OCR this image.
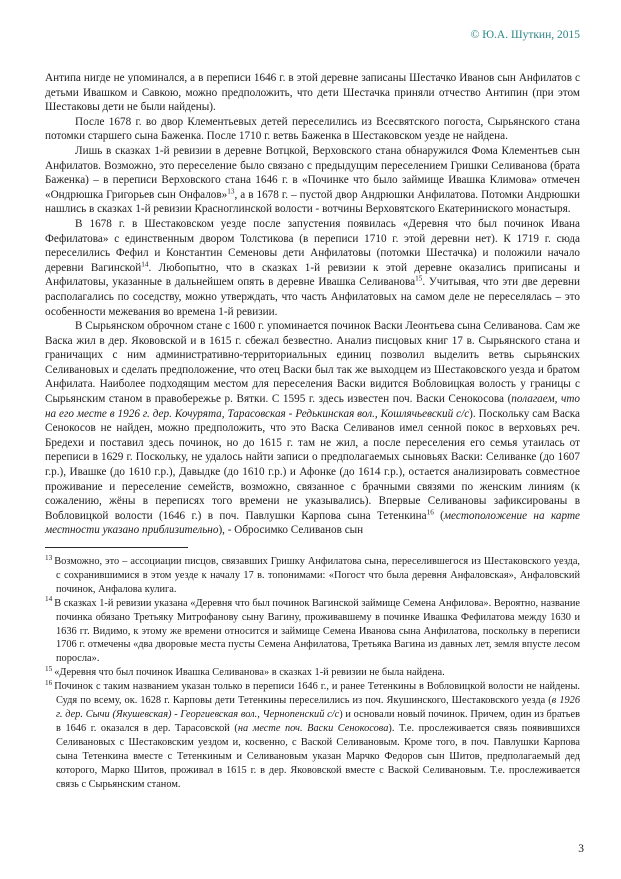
© Ю.А. Шуткин, 2015

Антипа нигде не упоминался, а в переписи 1646 г. в этой деревне записаны Шестачко Иванов сын Анфилатов с детьми Ивашком и Савкою, можно предположить, что дети Шестачка приняли отчество Антипин (при этом Шестаковы дети не были найдены).

После 1678 г. во двор Клементьевых детей переселились из Всесвятского погоста, Сырьянского стана потомки старшего сына Баженка. После 1710 г. ветвь Баженка в Шестаковском уезде не найдена.

Лишь в сказках 1-й ревизии в деревне Вотцкой, Верховского стана обнаружился Фома Клементьев сын Анфилатов. Возможно, это переселение было связано с предыдущим переселением Гришки Селиванова (брата Баженка) – в переписи Верховского стана 1646 г. в «Починке что было займище Ивашка Климова» отмечен «Ондрюшка Григорьев сын Онфалов»$^{13}$, а в 1678 г. – пустой двор Андрюшки Анфилатова. Потомки Андрюшки нашлись в сказках 1-й ревизии Красноглинской волости - вотчины Верховятского Екатериниского монастыря.

В 1678 г. в Шестаковском уезде после запустения появилась «Деревня что был починок Ивана Фефилатова» с единственным двором Толстикова (в переписи 1710 г. этой деревни нет). К 1719 г. сюда переселились Фефил и Константин Семеновы дети Анфилатовы (потомки Шестачка) и положили начало деревни Вагинской$^{14}$. Любопытно, что в сказках 1-й ревизии к этой деревне оказались приписаны и Анфилатовы, указанные в дальнейшем опять в деревне Ивашка Селиванова$^{15}$. Учитывая, что эти две деревни располагались по соседству, можно утверждать, что часть Анфилатовых на самом деле не переселялась – это особенности межевания во времена 1-й ревизии.

В Сырьянском оброчном стане с 1600 г. упоминается починок Васки Леонтьева сына Селиванова. Сам же Васка жил в дер. Якововской и в 1615 г. сбежал безвестно. Анализ писцовых книг 17 в. Сырьянского стана и граничащих с ним административно-территориальных единиц позволил выделить ветвь сырьянских Селивановых и сделать предположение, что отец Васки был так же выходцем из Шестаковского уезда и братом Анфилата. Наиболее подходящим местом для переселения Васки видится Вобловицкая волость у границы с Сырьянским станом в правобережье р. Вятки. С 1595 г. здесь известен поч. Васки Сенокосова (полагаем, что на его месте в 1926 г. дер. Кочурята, Тарасовская - Редькинская вол., Кошлячьевский с/с). Поскольку сам Васка Сенокосов не найден, можно предположить, что это Васка Селиванов имел сенной покос в верховьях реч. Бредехи и поставил здесь починок, но до 1615 г. там не жил, а после переселения его семья утаилась от переписи в 1629 г. Поскольку, не удалось найти записи о предполагаемых сыновьях Васки: Селиванке (до 1607 г.р.), Ивашке (до 1610 г.р.), Давыдке (до 1610 г.р.) и Афонке (до 1614 г.р.), остается анализировать совместное проживание и переселение семейств, возможно, связанное с брачными связями по женским линиям (к сожалению, жёны в переписях того времени не указывались). Впервые Селивановы зафиксированы в Вобловицкой волости (1646 г.) в поч. Павлушки Карпова сына Тетенкина$^{16}$ (местоположение на карте местности указано приблизительно), - Обросимко Селиванов сын

$^{13}$ Возможно, это – ассоциации писцов, связавших Гришку Анфилатова сына, переселившегося из Шестаковского уезда, с сохранившимися в этом уезде к началу 17 в. топонимами: «Погост что была деревня Анфаловская», Анфаловский починок, Анфалова кулига.

$^{14}$ В сказках 1-й ревизии указана «Деревня что был починок Вагинской займище Семена Анфилова». Вероятно, название починка обязано Третьяку Митрофанову сыну Вагину, проживавшему в починке Ивашка Фефилатова между 1630 и 1636 гг. Видимо, к этому же времени относится и займище Семена Иванова сына Анфилатова, поскольку в переписи 1706 г. отмечены «два дворовые места пусты Семена Анфилатова, Третьяка Вагина из давных лет, земля впусте лесом поросла».

$^{15}$ «Деревня что был починок Ивашка Селиванова» в сказках 1-й ревизии не была найдена.

$^{16}$ Починок с таким названием указан только в переписи 1646 г., и ранее Тетенкины в Вобловицкой волости не найдены. Судя по всему, ок. 1628 г. Карповы дети Тетенкины переселились из поч. Якушинского, Шестаковского уезда (в 1926 г. дер. Сычи (Якушевская) - Георгиевская вол., Чернопенский с/с) и основали новый починок. Причем, один из братьев в 1646 г. оказался в дер. Тарасовской (на месте поч. Васки Сенокосова). Т.е. прослеживается связь появившихся Селивановых с Шестаковским уездом и, косвенно, с Ваской Селивановым. Кроме того, в поч. Павлушки Карпова сына Тетенкина вместе с Тетенкиным и Селивановым указан Марчко Федоров сын Шитов, предполагаемый дед которого, Марко Шитов, проживал в 1615 г. в дер. Якововской вместе с Ваской Селивановым. Т.е. прослеживается связь с Сырьянским станом.

3
